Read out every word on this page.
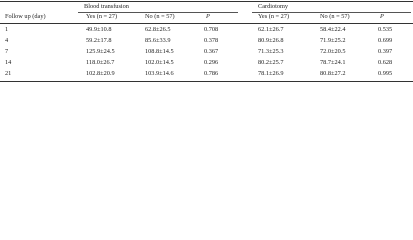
Follow up (day)
Blood transfusion	Cardiotomy
Yes (n = 27)	No (n = 57)	P	Yes (n = 27)	No (n = 57)	P
1	49.9±10.8	62.8±26.5	0.708	62.1±26.7	58.4±22.4	0.535
4	59.2±17.8	85.6±33.9	0.378	80.9±26.8	71.9±25.2	0.699
7	125.9±24.5	108.8±14.5	0.367	71.3±25.3	72.0±20.5	0.397
14	118.0±26.7	102.0±14.5	0.296	80.2±25.7	78.7±24.1	0.628
21	102.8±20.9	103.9±14.6	0.786	78.1±26.9	80.8±27.2	0.995
